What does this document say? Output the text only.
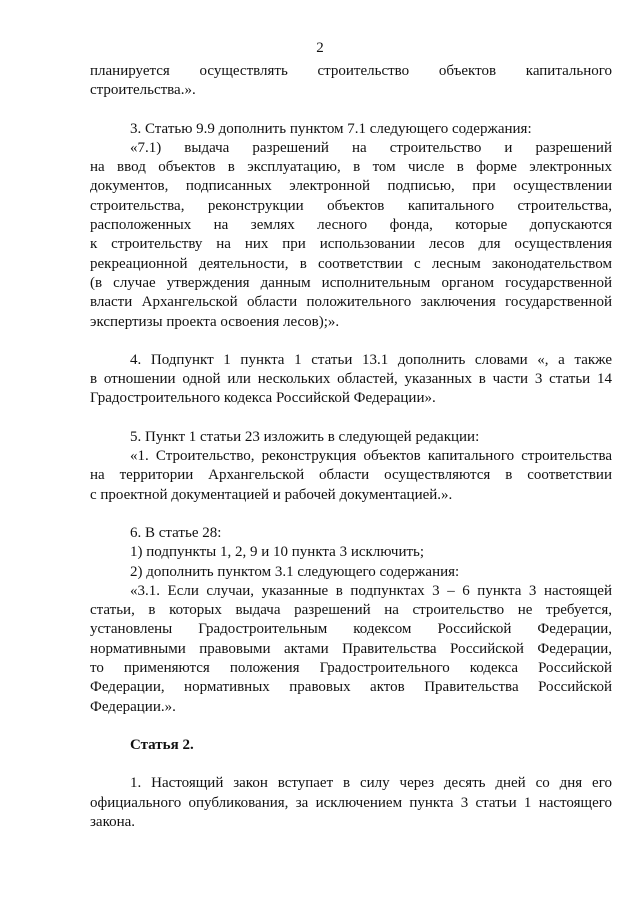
2
планируется осуществлять строительство объектов капитального
строительства.».
3. Статью 9.9 дополнить пунктом 7.1 следующего содержания:
«7.1) выдача разрешений на строительство и разрешений
на ввод объектов в эксплуатацию, в том числе в форме электронных
документов, подписанных электронной подписью, при осуществлении
строительства, реконструкции объектов капитального строительства,
расположенных на землях лесного фонда, которые допускаются
к строительству на них при использовании лесов для осуществления
рекреационной деятельности, в соответствии с лесным законодательством
(в случае утверждения данным исполнительным органом государственной
власти Архангельской области положительного заключения государственной
экспертизы проекта освоения лесов);».
4. Подпункт 1 пункта 1 статьи 13.1 дополнить словами «, а также
в отношении одной или нескольких областей, указанных в части 3 статьи 14
Градостроительного кодекса Российской Федерации».
5. Пункт 1 статьи 23 изложить в следующей редакции:
«1. Строительство, реконструкция объектов капитального строительства
на территории Архангельской области осуществляются в соответствии
с проектной документацией и рабочей документацией.».
6. В статье 28:
1) подпункты 1, 2, 9 и 10 пункта 3 исключить;
2) дополнить пунктом 3.1 следующего содержания:
«3.1. Если случаи, указанные в подпунктах 3 – 6 пункта 3 настоящей
статьи, в которых выдача разрешений на строительство не требуется,
установлены Градостроительным кодексом Российской Федерации,
нормативными правовыми актами Правительства Российской Федерации,
то применяются положения Градостроительного кодекса Российской
Федерации, нормативных правовых актов Правительства Российской
Федерации.».
Статья 2.
1. Настоящий закон вступает в силу через десять дней со дня его
официального опубликования, за исключением пункта 3 статьи 1 настоящего
закона.
